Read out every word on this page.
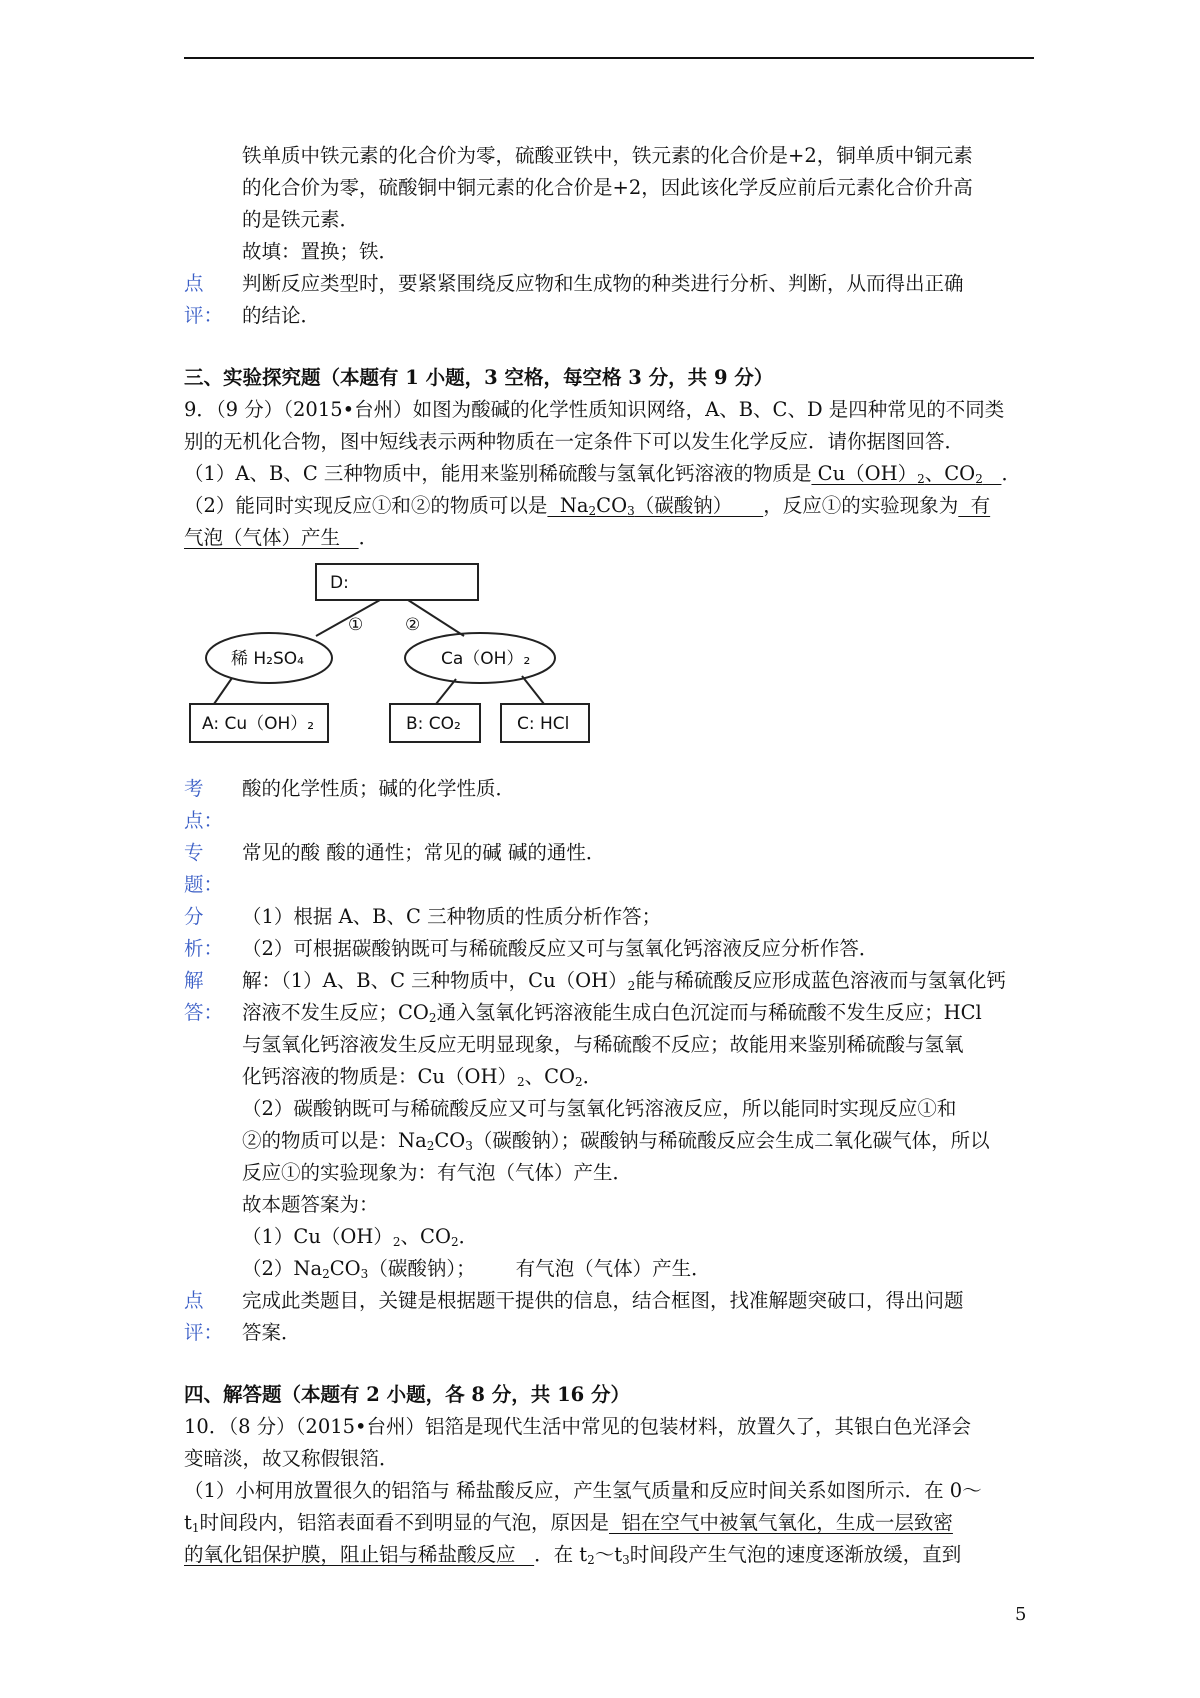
铁单质中铁元素的化合价为零，硫酸亚铁中，铁元素的化合价是+2，铜单质中铜元素

的化合价为零，硫酸铜中铜元素的化合价是+2，因此该化学反应前后元素化合价升高

的是铁元素．

故填：置换；铁．

点评：

判断反应类型时，要紧紧围绕反应物和生成物的种类进行分析、判断，从而得出正确

的结论．

三、实验探究题（本题有 1 小题，3 空格，每空格 3 分，共 9 分）

9．（9 分）（2015•台州）如图为酸碱的化学性质知识网络，A、B、C、D 是四种常见的不同类

别的无机化合物，图中短线表示两种物质在一定条件下可以发生化学反应．请你据图回答．

（1）A、B、C 三种物质中，能用来鉴别稀硫酸与氢氧化钙溶液的物质是 $Cu(OH)_2$、$CO_2$ ．

（2）能同时实现反应①和②的物质可以是  $Na_2CO_3$（碳酸钠）     ，反应①的实验现象为  有

气泡（气体）产生   ．

D:
① ②
稀 H₂SO₄	Ca（OH）₂
A: Cu（OH）₂	B: CO₂	C: HCl
考点：

酸的化学性质；碱的化学性质．

专题：

常见的酸 酸的通性；常见的碱 碱的通性．

分析：

（1）根据 A、B、C 三种物质的性质分析作答；

（2）可根据碳酸钠既可与稀硫酸反应又可与氢氧化钙溶液反应分析作答．

解答：

解：（1）A、B、C 三种物质中，$Cu(OH)_2$能与稀硫酸反应形成蓝色溶液而与氢氧化钙

溶液不发生反应；$CO_2$通入氢氧化钙溶液能生成白色沉淀而与稀硫酸不发生反应；HCl

与氢氧化钙溶液发生反应无明显现象，与稀硫酸不反应；故能用来鉴别稀硫酸与氢氧

化钙溶液的物质是：$Cu(OH)_2$、$CO_2$．

（2）碳酸钠既可与稀硫酸反应又可与氢氧化钙溶液反应，所以能同时实现反应①和

②的物质可以是：$Na_2CO_3$（碳酸钠）；碳酸钠与稀硫酸反应会生成二氧化碳气体，所以

反应①的实验现象为：有气泡（气体）产生．

故本题答案为：

$(1)Cu(OH)_2$、$CO_2$．

$(2)Na_2CO_3$（碳酸钠）； 有气泡（气体）产生．

点评：

完成此类题目，关键是根据题干提供的信息，结合框图，找准解题突破口，得出问题

答案．

四、解答题（本题有 2 小题，各 8 分，共 16 分）

10．（8 分）（2015•台州）铝箔是现代生活中常见的包装材料，放置久了，其银白色光泽会

变暗淡，故又称假银箔．

（1）小柯用放置很久的铝箔与 稀盐酸反应，产生氢气质量和反应时间关系如图所示．在 0～

$t_1$时间段内，铝箔表面看不到明显的气泡，原因是  铝在空气中被氧气氧化，生成一层致密

的氧化铝保护膜，阻止铝与稀盐酸反应   ．在 $t_2\sim t_3$时间段产生气泡的速度逐渐放缓，直到

5
